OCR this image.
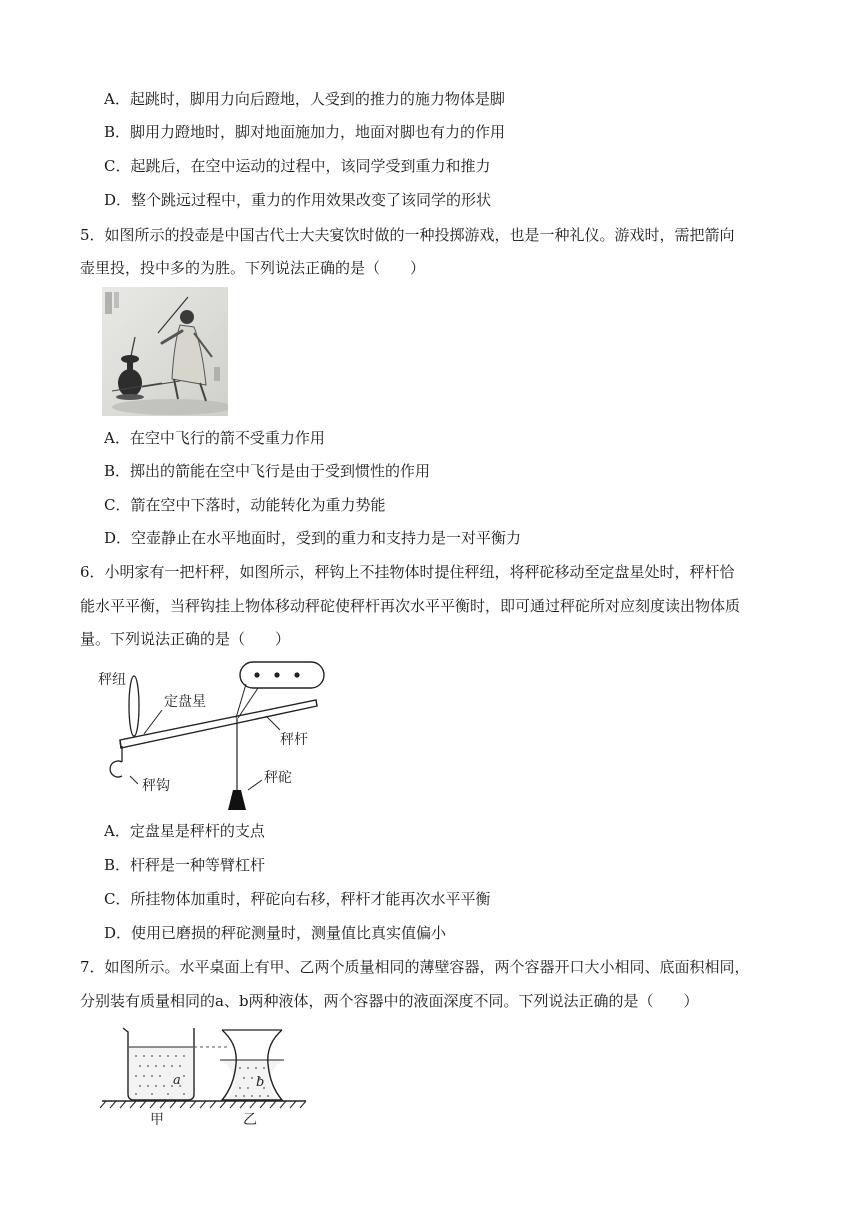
A．起跳时，脚用力向后蹬地，人受到的推力的施力物体是脚
B．脚用力蹬地时，脚对地面施加力，地面对脚也有力的作用
C．起跳后，在空中运动的过程中，该同学受到重力和推力
D．整个跳远过程中，重力的作用效果改变了该同学的形状
5．如图所示的投壶是中国古代士大夫宴饮时做的一种投掷游戏，也是一种礼仪。游戏时，需把箭向
壶里投，投中多的为胜。下列说法正确的是（　　）
A．在空中飞行的箭不受重力作用
B．掷出的箭能在空中飞行是由于受到惯性的作用
C．箭在空中下落时，动能转化为重力势能
D．空壶静止在水平地面时，受到的重力和支持力是一对平衡力
6．小明家有一把杆秤，如图所示，秤钩上不挂物体时提住秤纽，将秤砣移动至定盘星处时，秤杆恰
能水平平衡，当秤钩挂上物体移动秤砣使秤杆再次水平平衡时，即可通过秤砣所对应刻度读出物体质
量。下列说法正确的是（　　）
秤纽
定盘星
秤杆
秤钩	秤砣
A．定盘星是秤杆的支点
B．杆秤是一种等臂杠杆
C．所挂物体加重时，秤砣向右移，秤杆才能再次水平平衡
D．使用已磨损的秤砣测量时，测量值比真实值偏小
7．如图所示。水平桌面上有甲、乙两个质量相同的薄壁容器，两个容器开口大小相同、底面积相同，
分别装有质量相同的a、b两种液体，两个容器中的液面深度不同。下列说法正确的是（　　）
a	b
甲	乙
